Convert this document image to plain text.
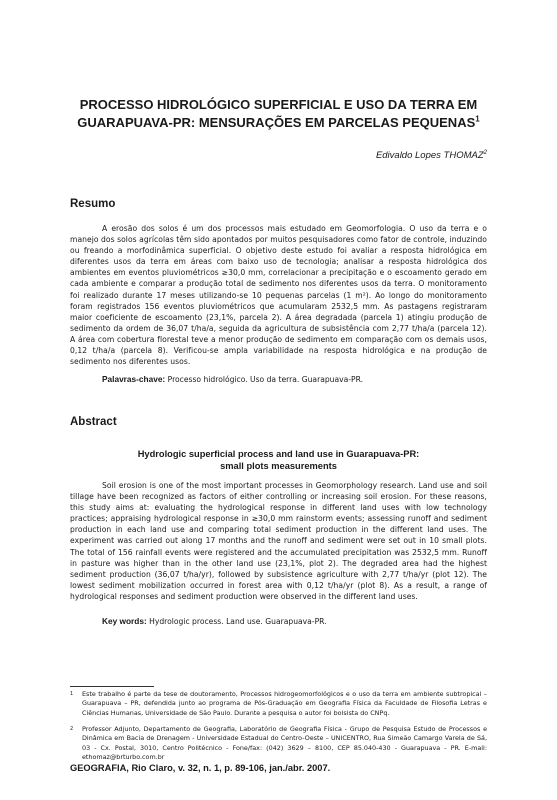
PROCESSO HIDROLÓGICO SUPERFICIAL E USO DA TERRA EM
GUARAPUAVA-PR: MENSURAÇÕES EM PARCELAS PEQUENAS$^1$
Edivaldo Lopes THOMAZ$^2$
Resumo

A erosão dos solos é um dos processos mais estudado em Geomorfologia. O uso da terra e o manejo dos solos agrícolas têm sido apontados por muitos pesquisadores como fator de controle, induzindo ou freando a morfodinâmica superficial. O objetivo deste estudo foi avaliar a resposta hidrológica em diferentes usos da terra em áreas com baixo uso de tecnologia; analisar a resposta hidrológica dos ambientes em eventos pluviométricos ≥30,0 mm, correlacionar a precipitação e o escoamento gerado em cada ambiente e comparar a produção total de sedimento nos diferentes usos da terra. O monitoramento foi realizado durante 17 meses utilizando-se 10 pequenas parcelas (1 m²). Ao longo do monitoramento foram registrados 156 eventos pluviométricos que acumularam 2532,5 mm. As pastagens registraram maior coeficiente de escoamento (23,1%, parcela 2). A área degradada (parcela 1) atingiu produção de sedimento da ordem de 36,07 t/ha/a, seguida da agricultura de subsistência com 2,77 t/ha/a (parcela 12). A área com cobertura florestal teve a menor produção de sedimento em comparação com os demais usos, 0,12 t/ha/a (parcela 8). Verificou-se ampla variabilidade na resposta hidrológica e na produção de sedimento nos diferentes usos.

Palavras-chave: Processo hidrológico. Uso da terra. Guarapuava-PR.

Abstract

Hydrologic superficial process and land use in Guarapuava-PR:
small plots measurements

Soil erosion is one of the most important processes in Geomorphology research. Land use and soil tillage have been recognized as factors of either controlling or increasing soil erosion. For these reasons, this study aims at: evaluating the hydrological response in different land uses with low technology practices; appraising hydrological response in ≥30,0 mm rainstorm events; assessing runoff and sediment production in each land use and comparing total sediment production in the different land uses. The experiment was carried out along 17 months and the runoff and sediment were set out in 10 small plots. The total of 156 rainfall events were registered and the accumulated precipitation was 2532,5 mm. Runoff in pasture was higher than in the other land use (23,1%, plot 2). The degraded area had the highest sediment production (36,07 t/ha/yr), followed by subsistence agriculture with 2,77 t/ha/yr (plot 12). The lowest sediment mobilization occurred in forest area with 0,12 t/ha/yr (plot 8). As a result, a range of hydrological responses and sediment production were observed in the different land uses.

Key words: Hydrologic process. Land use. Guarapuava-PR.

1 Este trabalho é parte da tese de doutoramento, Processos hidrogeomorfológicos e o uso da terra em ambiente subtropical – Guarapuava – PR, defendida junto ao programa de Pós-Graduação em Geografia Física da Faculdade de Filosofia Letras e Ciências Humanas, Universidade de São Paulo. Durante a pesquisa o autor foi bolsista do CNPq.

2 Professor Adjunto, Departamento de Geografia, Laboratório de Geografia Física - Grupo de Pesquisa Estudo de Processos e Dinâmica em Bacia de Drenagem - Universidade Estadual do Centro-Oeste – UNICENTRO, Rua Simeão Camargo Varela de Sá, 03 - Cx. Postal, 3010, Centro Politécnico - Fone/fax: (042) 3629 – 8100, CEP 85.040-430 - Guarapuava - PR. E-mail: ethomaz@brturbo.com.br

GEOGRAFIA, Rio Claro, v. 32, n. 1, p. 89-106, jan./abr. 2007.
